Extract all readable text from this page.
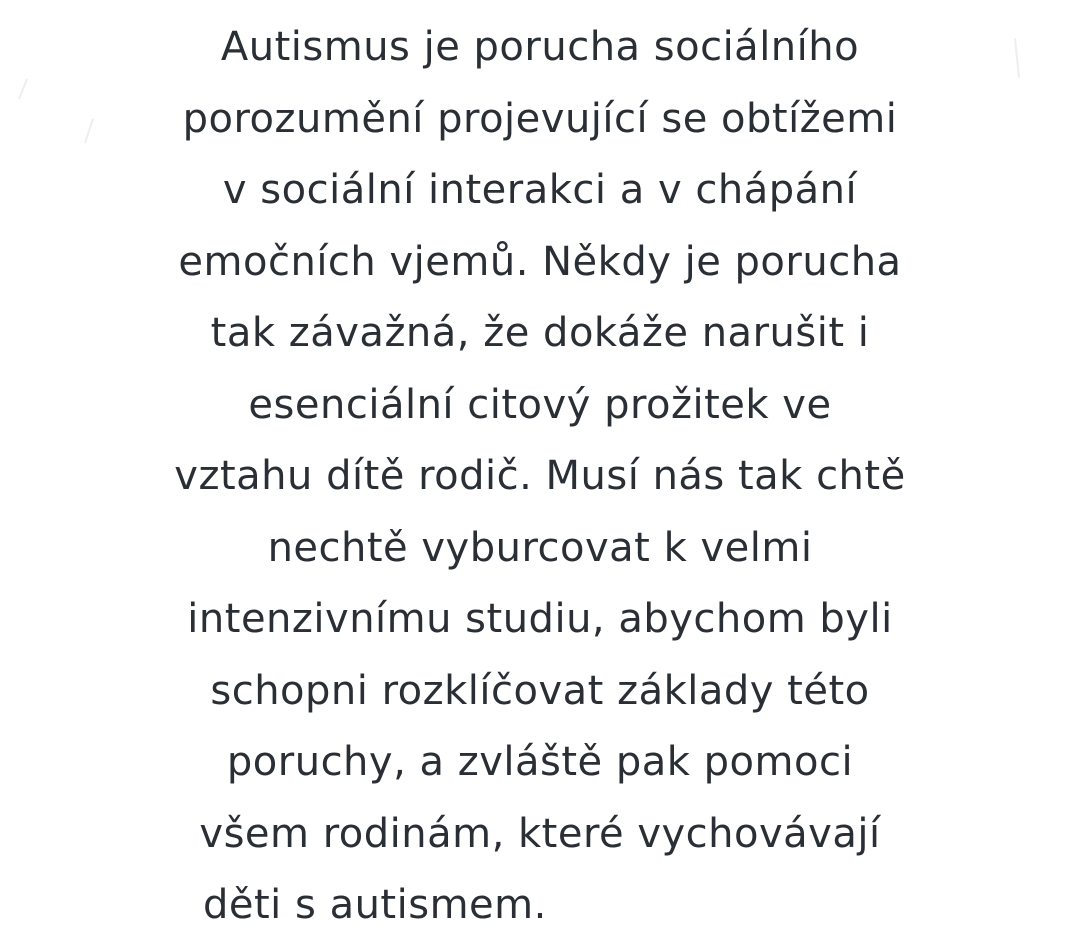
Autismus je porucha sociálního
porozumění projevující se obtížemi
v sociální interakci a v chápání
emočních vjemů. Někdy je porucha
tak závažná, že dokáže narušit i
esenciální citový prožitek ve
vztahu dítě rodič. Musí nás tak chtě
nechtě vyburcovat k velmi
intenzivnímu studiu, abychom byli
schopni rozklíčovat základy této
poruchy, a zvláště pak pomoci
všem rodinám, které vychovávají
děti s autismem.
